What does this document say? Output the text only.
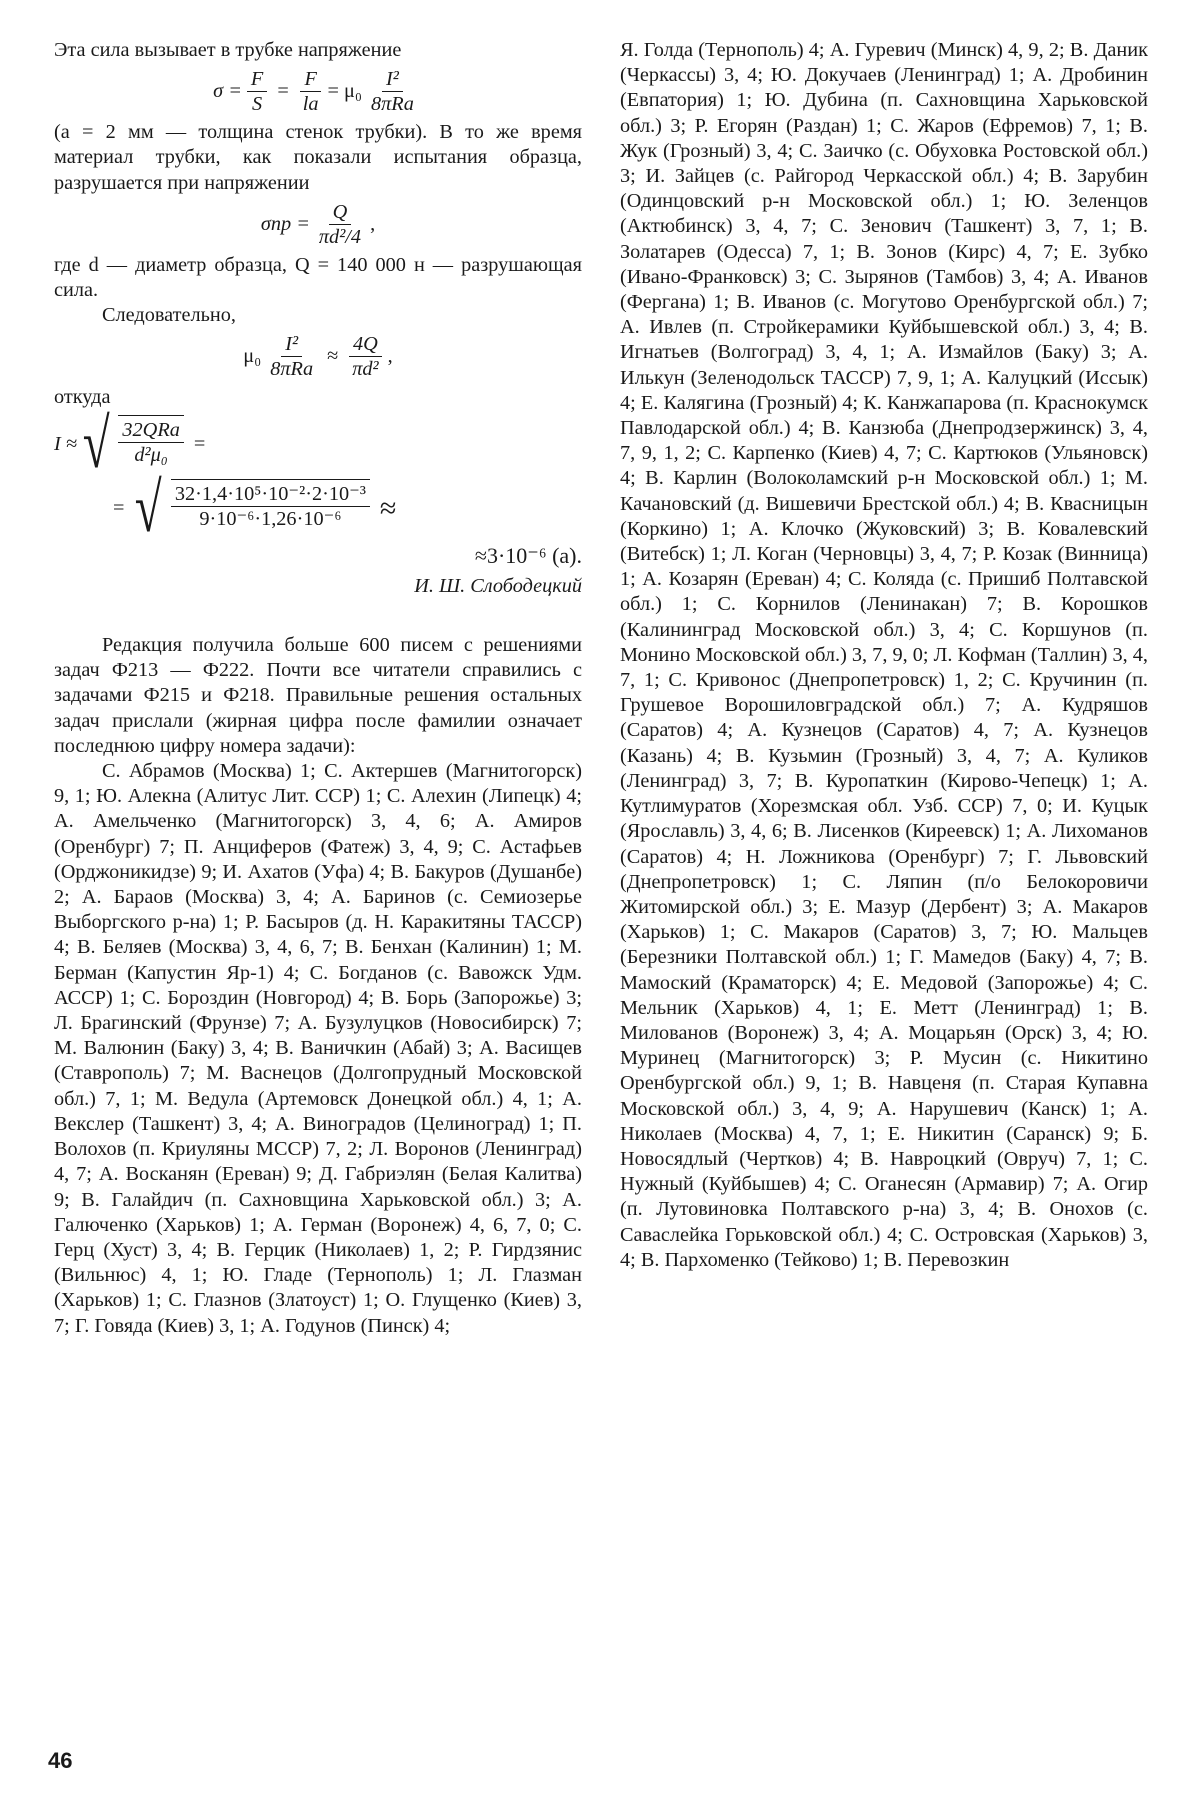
Эта сила вызывает в трубке напряжение

$\sigma = \frac{F}{S} = \frac{F}{la} = \mu_0 \frac{\text{I²}}{\text{8πRa}}$

(a = 2 мм — толщина стенок трубки). В то же время материал трубки, как показали испытания образца, разрушается при напряжении

$\sigma пр = \frac{Q}{\text{πd²/4}}$ ,

где d — диаметр образца, Q = 140 000 н — разрушающая сила.

Следовательно,

$\mu_0 \frac{\text{I²}}{\text{8πRa}} \approx \frac{4Q}{\text{πd²}}$ ,

откуда

I ≈ √ $\frac{\text{32QRa}}{\text{d²μ₀}}$ =
= √ $\frac{\text{32·1,4·10⁵·10⁻²·2·10⁻³}}{\text{9·10⁻⁶·1,26·10⁻⁶}}$ ≈

≈3·10⁻⁶ (а).

И. Ш. Слободецкий

Редакция получила больше 600 писем с решениями задач Ф213 — Ф222. Почти все читатели справились с задачами Ф215 и Ф218. Правильные решения остальных задач прислали (жирная цифра после фамилии означает последнюю цифру номера задачи):

С. Абрамов (Москва) 1; С. Актершев (Магнитогорск) 9, 1; Ю. Алекна (Алитус Лит. ССР) 1; С. Алехин (Липецк) 4; А. Амельченко (Магнитогорск) 3, 4, 6; А. Амиров (Оренбург) 7; П. Анциферов (Фатеж) 3, 4, 9; С. Астафьев (Орджоникидзе) 9; И. Ахатов (Уфа) 4; В. Бакуров (Душанбе) 2; А. Бараов (Москва) 3, 4; А. Баринов (с. Семиозерье Выборгского р-на) 1; Р. Басыров (д. Н. Каракитяны ТАССР) 4; В. Беляев (Москва) 3, 4, 6, 7; В. Бенхан (Калинин) 1; М. Берман (Капустин Яр-1) 4; С. Богданов (с. Вавожск Удм. АССР) 1; С. Бороздин (Новгород) 4; В. Борь (Запорожье) 3; Л. Брагинский (Фрунзе) 7; А. Бузулуцков (Новосибирск) 7; М. Валюнин (Баку) 3, 4; В. Ваничкин (Абай) 3; А. Васищев (Ставрополь) 7; М. Васнецов (Долгопрудный Московской обл.) 7, 1; М. Ведула (Артемовск Донецкой обл.) 4, 1; А. Векслер (Ташкент) 3, 4; А. Виноградов (Целиноград) 1; П. Волохов (п. Криуляны МССР) 7, 2; Л. Воронов (Ленинград) 4, 7; А. Восканян (Ереван) 9; Д. Габриэлян (Белая Калитва) 9; В. Галайдич (п. Сахновщина Харьковской обл.) 3; А. Галюченко (Харьков) 1; А. Герман (Воронеж) 4, 6, 7, 0; С. Герц (Хуст) 3, 4; В. Герцик (Николаев) 1, 2; Р. Гирдзянис (Вильнюс) 4, 1; Ю. Гладе (Тернополь) 1; Л. Глазман (Харьков) 1; С. Глазнов (Златоуст) 1; О. Глущенко (Киев) 3, 7; Г. Говяда (Киев) 3, 1; А. Годунов (Пинск) 4;

Я. Голда (Тернополь) 4; А. Гуревич (Минск) 4, 9, 2; В. Даник (Черкассы) 3, 4; Ю. Докучаев (Ленинград) 1; А. Дробинин (Евпатория) 1; Ю. Дубина (п. Сахновщина Харьковской обл.) 3; Р. Егорян (Раздан) 1; С. Жаров (Ефремов) 7, 1; В. Жук (Грозный) 3, 4; С. Заичко (с. Обуховка Ростовской обл.) 3; И. Зайцев (с. Райгород Черкасской обл.) 4; В. Зарубин (Одинцовский р-н Московской обл.) 1; Ю. Зеленцов (Актюбинск) 3, 4, 7; С. Зенович (Ташкент) 3, 7, 1; В. Золатарев (Одесса) 7, 1; В. Зонов (Кирс) 4, 7; Е. Зубко (Ивано-Франковск) 3; С. Зырянов (Тамбов) 3, 4; А. Иванов (Фергана) 1; В. Иванов (с. Могутово Оренбургской обл.) 7; А. Ивлев (п. Стройкерамики Куйбышевской обл.) 3, 4; В. Игнатьев (Волгоград) 3, 4, 1; А. Измайлов (Баку) 3; А. Илькун (Зеленодольск ТАССР) 7, 9, 1; А. Калуцкий (Иссык) 4; Е. Калягина (Грозный) 4; К. Канжапарова (п. Краснокумск Павлодарской обл.) 4; В. Канзюба (Днепродзержинск) 3, 4, 7, 9, 1, 2; С. Карпенко (Киев) 4, 7; С. Картюков (Ульяновск) 4; В. Карлин (Волоколамский р-н Московской обл.) 1; М. Качановский (д. Вишевичи Брестской обл.) 4; В. Квасницын (Коркино) 1; А. Клочко (Жуковский) 3; В. Ковалевский (Витебск) 1; Л. Коган (Черновцы) 3, 4, 7; Р. Козак (Винница) 1; А. Козарян (Ереван) 4; С. Коляда (с. Пришиб Полтавской обл.) 1; С. Корнилов (Ленинакан) 7; В. Корошков (Калининград Московской обл.) 3, 4; С. Коршунов (п. Монино Московской обл.) 3, 7, 9, 0; Л. Кофман (Таллин) 3, 4, 7, 1; С. Кривонос (Днепропетровск) 1, 2; С. Кручинин (п. Грушевое Ворошиловградской обл.) 7; А. Кудряшов (Саратов) 4; А. Кузнецов (Саратов) 4, 7; А. Кузнецов (Казань) 4; В. Кузьмин (Грозный) 3, 4, 7; А. Куликов (Ленинград) 3, 7; В. Куропаткин (Кирово-Чепецк) 1; А. Кутлимуратов (Хорезмская обл. Узб. ССР) 7, 0; И. Куцык (Ярославль) 3, 4, 6; В. Лисенков (Киреевск) 1; А. Лихоманов (Саратов) 4; Н. Ложникова (Оренбург) 7; Г. Львовский (Днепропетровск) 1; С. Ляпин (п/о Белокоровичи Житомирской обл.) 3; Е. Мазур (Дербент) 3; А. Макаров (Харьков) 1; С. Макаров (Саратов) 3, 7; Ю. Мальцев (Березники Полтавской обл.) 1; Г. Мамедов (Баку) 4, 7; В. Мамоский (Краматорск) 4; Е. Медовой (Запорожье) 4; С. Мельник (Харьков) 4, 1; Е. Метт (Ленинград) 1; В. Милованов (Воронеж) 3, 4; А. Моцарьян (Орск) 3, 4; Ю. Муринец (Магнитогорск) 3; Р. Мусин (с. Никитино Оренбургской обл.) 9, 1; В. Навценя (п. Старая Купавна Московской обл.) 3, 4, 9; А. Нарушевич (Канск) 1; А. Николаев (Москва) 4, 7, 1; Е. Никитин (Саранск) 9; Б. Новосядлый (Чертков) 4; В. Навроцкий (Овруч) 7, 1; С. Нужный (Куйбышев) 4; С. Оганесян (Армавир) 7; А. Огир (п. Лутовиновка Полтавского р-на) 3, 4; В. Онохов (с. Саваслейка Горьковской обл.) 4; С. Островская (Харьков) 3, 4; В. Пархоменко (Тейково) 1; В. Перевозкин

46
